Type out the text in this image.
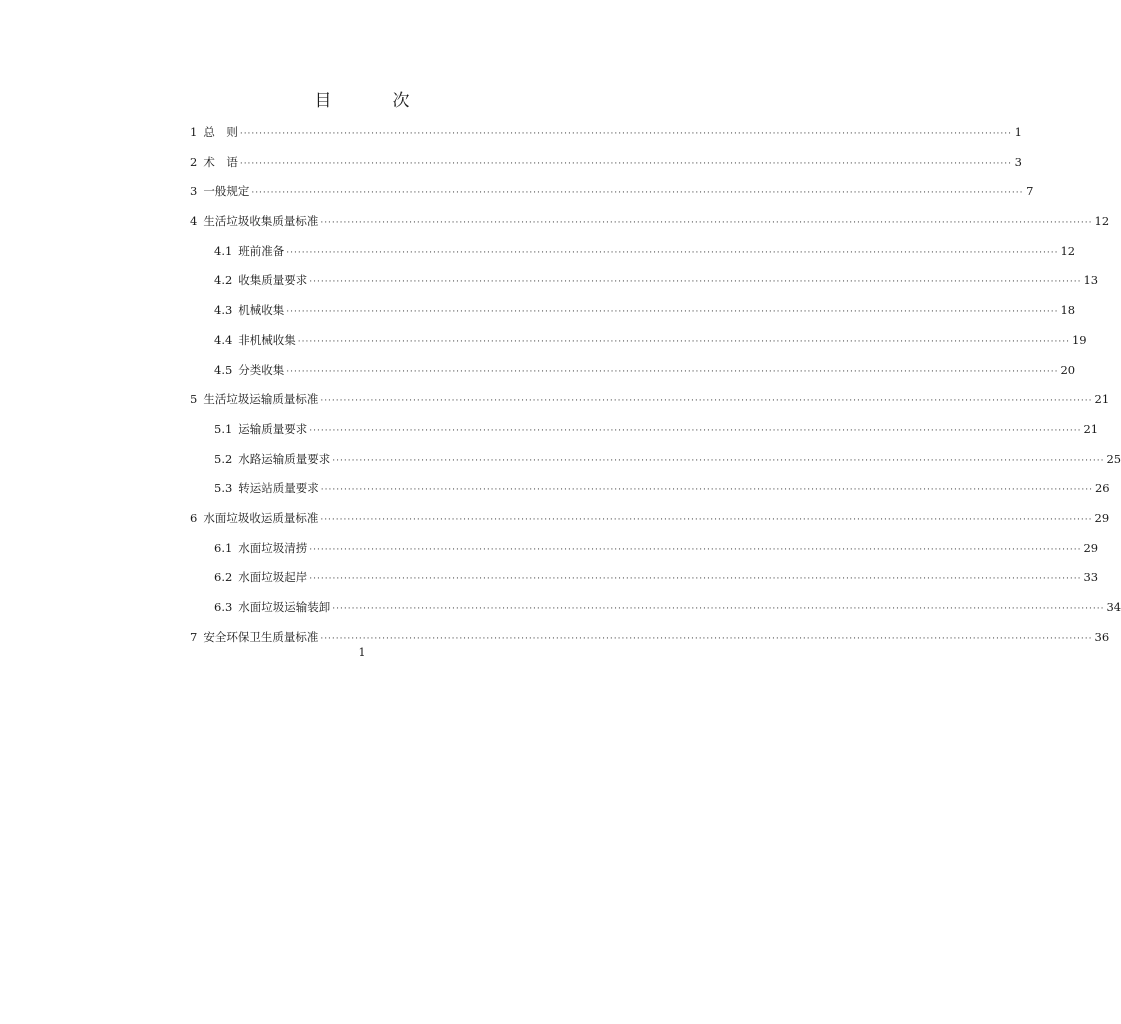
目　次
1 总　则 ········································································································································································································ 1
2 术　语 ········································································································································································································ 3
3 一般规定 ········································································································································································································ 7
4 生活垃圾收集质量标准 ········································································································································································································ 12
4.1 班前准备 ········································································································································································································ 12
4.2 收集质量要求 ········································································································································································································ 13
4.3 机械收集 ········································································································································································································ 18
4.4 非机械收集 ········································································································································································································ 19
4.5 分类收集 ········································································································································································································ 20
5 生活垃圾运输质量标准 ········································································································································································································ 21
5.1 运输质量要求 ········································································································································································································ 21
5.2 水路运输质量要求 ········································································································································································································ 25
5.3 转运站质量要求 ········································································································································································································ 26
6 水面垃圾收运质量标准 ········································································································································································································ 29
6.1 水面垃圾清捞 ········································································································································································································ 29
6.2 水面垃圾起岸 ········································································································································································································ 33
6.3 水面垃圾运输装卸 ········································································································································································································ 34
7 安全环保卫生质量标准 ········································································································································································································ 36
1
